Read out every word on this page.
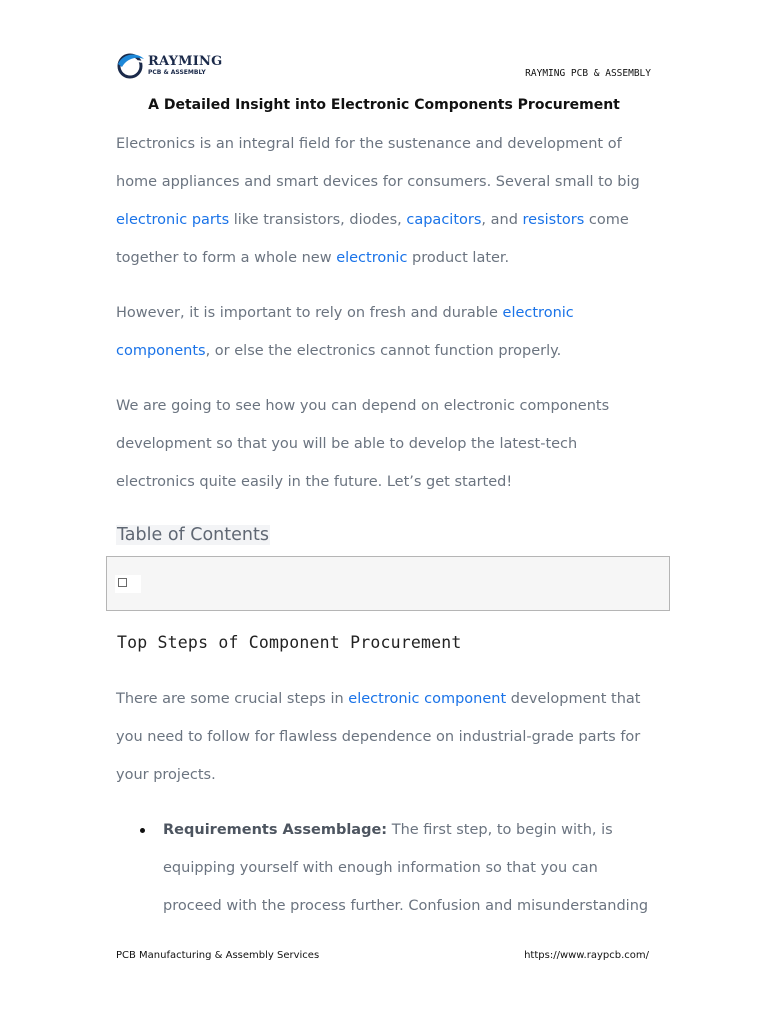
RAYMING
PCB & ASSEMBLY	RAYMING PCB & ASSEMBLY
A Detailed Insight into Electronic Components Procurement

Electronics is an integral field for the sustenance and development of home appliances and smart devices for consumers. Several small to big electronic parts like transistors, diodes, capacitors, and resistors come together to form a whole new electronic product later.

However, it is important to rely on fresh and durable electronic components, or else the electronics cannot function properly.

We are going to see how you can depend on electronic components development so that you will be able to develop the latest-tech electronics quite easily in the future. Let’s get started!

Table of Contents
Top Steps of Component Procurement

There are some crucial steps in electronic component development that you need to follow for flawless dependence on industrial-grade parts for your projects.

Requirements Assemblage: The first step, to begin with, is equipping yourself with enough information so that you can proceed with the process further. Confusion and misunderstanding

PCB Manufacturing & Assembly Services	https://www.raypcb.com/
